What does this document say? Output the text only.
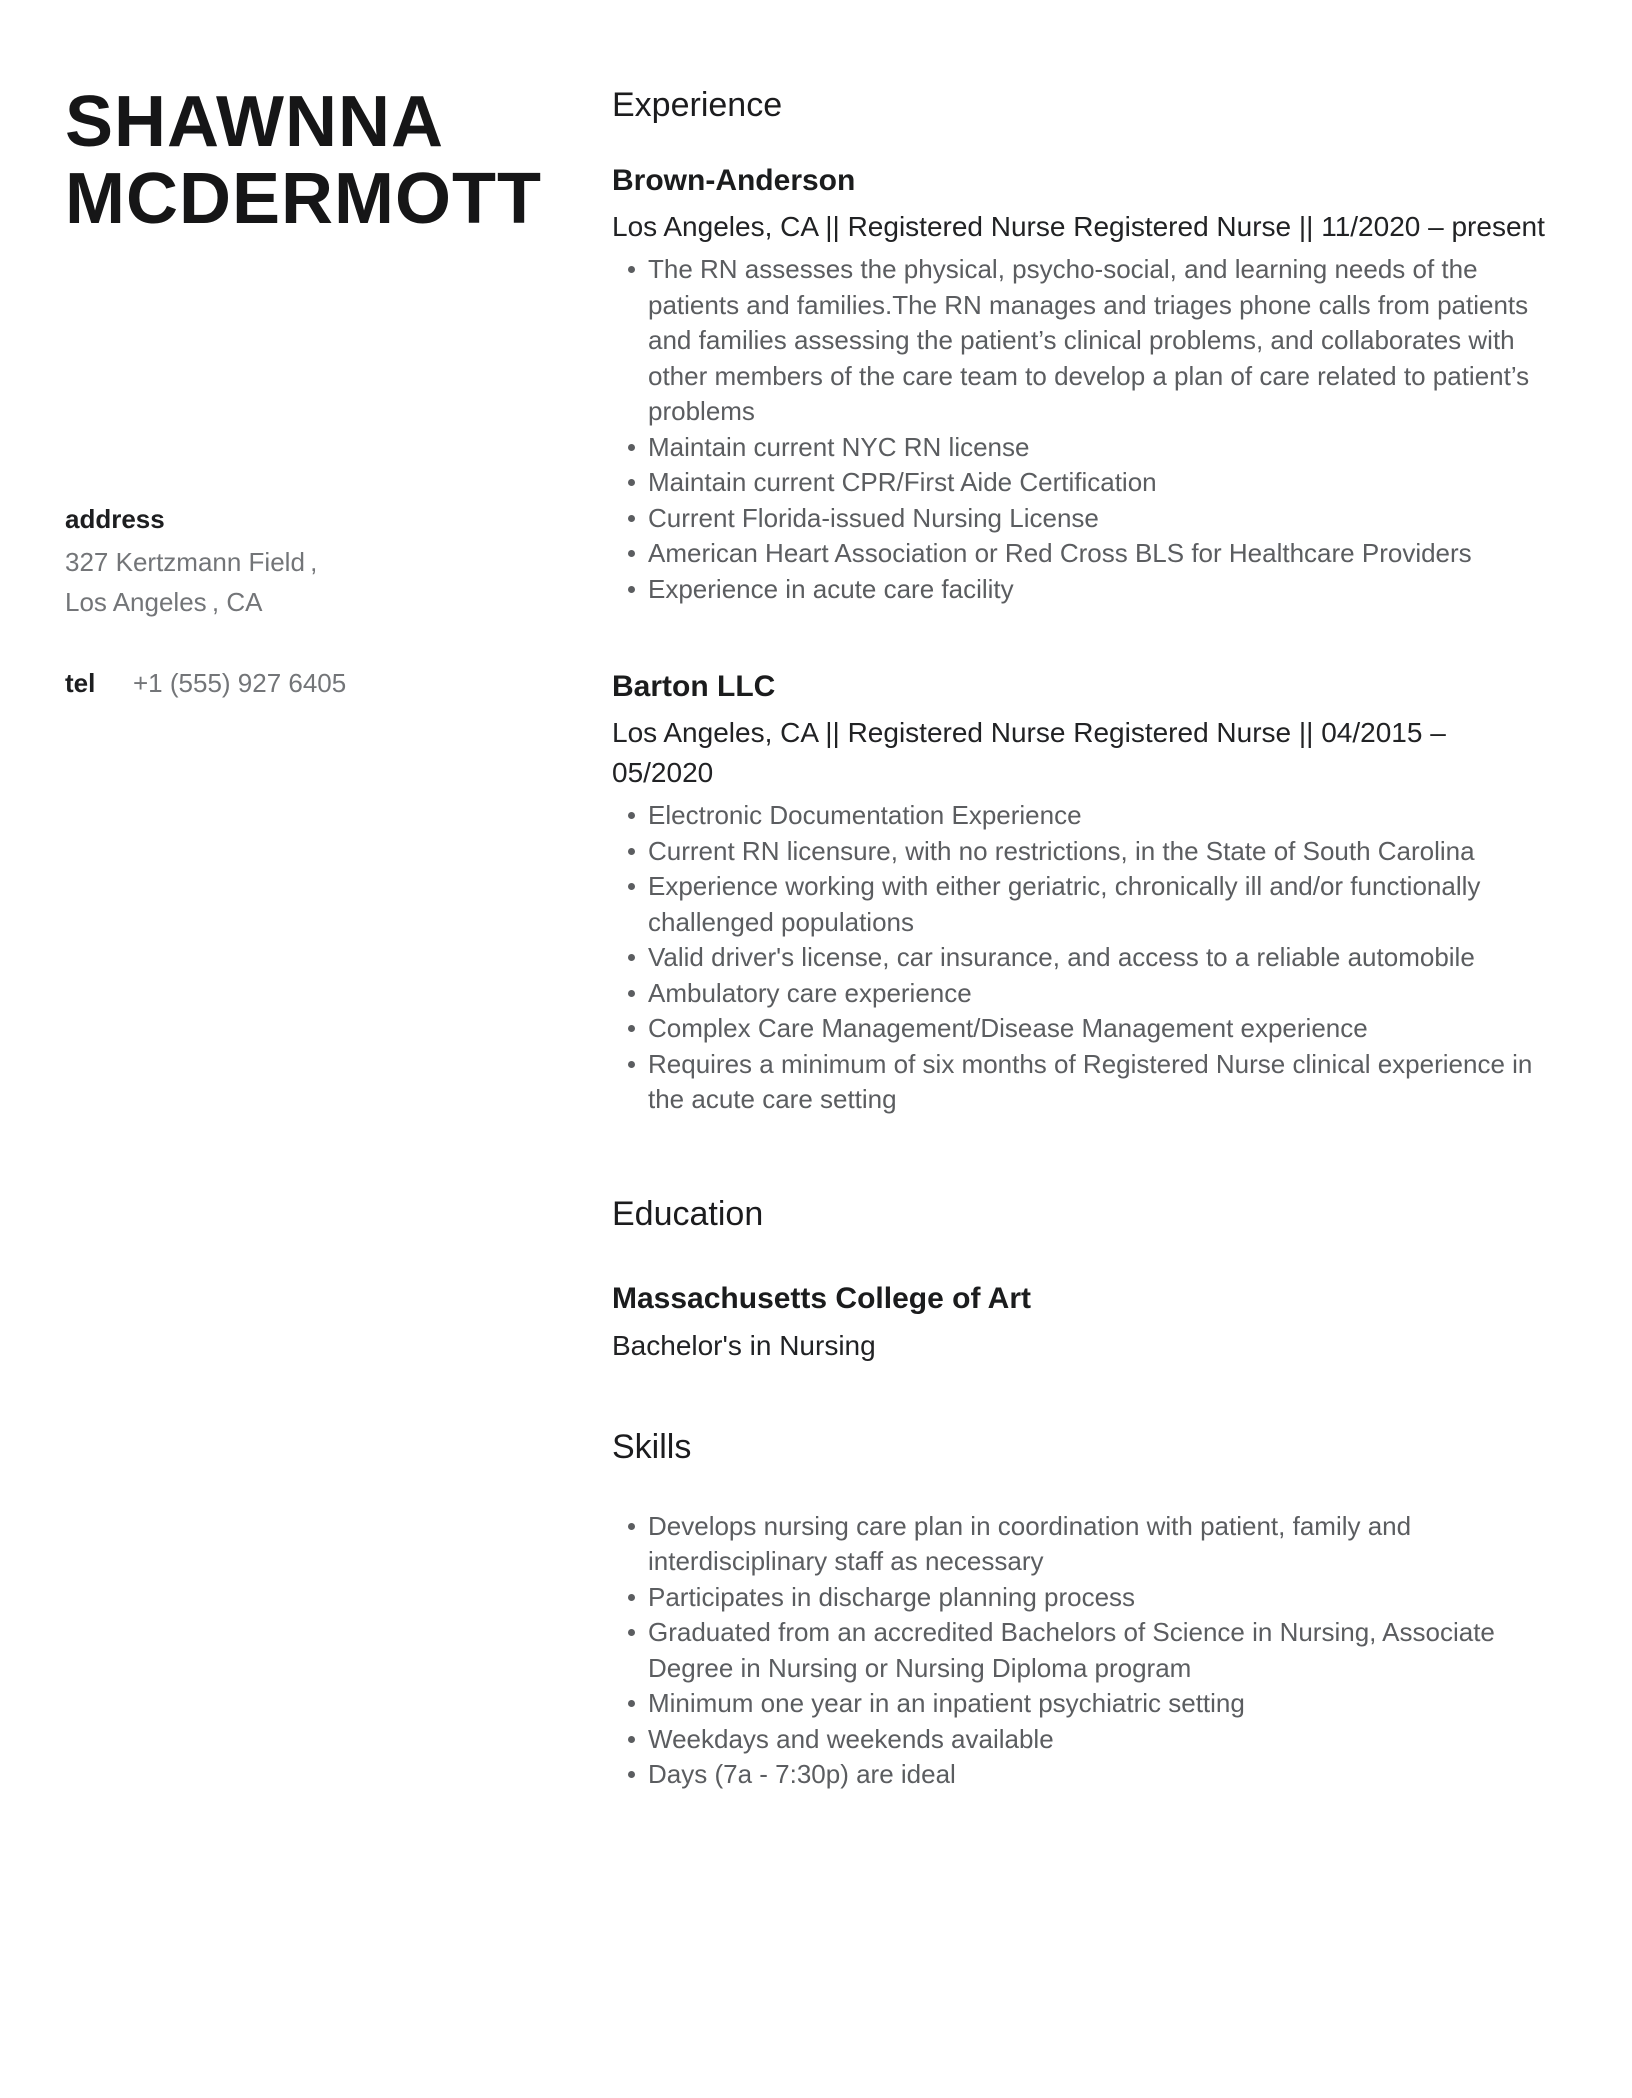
SHAWNNA
MCDERMOTT
address
327 Kertzmann Field ,
Los Angeles , CA
tel	+1 (555) 927 6405
Experience
Brown-Anderson

Los Angeles, CA || Registered Nurse Registered Nurse || 11/2020 – present

The RN assesses the physical, psycho-social, and learning needs of the patients and families.The RN manages and triages phone calls from patients and families assessing the patient’s clinical problems, and collaborates with other members of the care team to develop a plan of care related to patient’s problems
Maintain current NYC RN license
Maintain current CPR/First Aide Certification
Current Florida-issued Nursing License
American Heart Association or Red Cross BLS for Healthcare Providers
Experience in acute care facility
Barton LLC

Los Angeles, CA || Registered Nurse Registered Nurse || 04/2015 – 05/2020

Electronic Documentation Experience
Current RN licensure, with no restrictions, in the State of South Carolina
Experience working with either geriatric, chronically ill and/or functionally challenged populations
Valid driver's license, car insurance, and access to a reliable automobile
Ambulatory care experience
Complex Care Management/Disease Management experience
Requires a minimum of six months of Registered Nurse clinical experience in the acute care setting
Education
Massachusetts College of Art

Bachelor's in Nursing

Skills
Develops nursing care plan in coordination with patient, family and interdisciplinary staff as necessary
Participates in discharge planning process
Graduated from an accredited Bachelors of Science in Nursing, Associate Degree in Nursing or Nursing Diploma program
Minimum one year in an inpatient psychiatric setting
Weekdays and weekends available
Days (7a - 7:30p) are ideal
